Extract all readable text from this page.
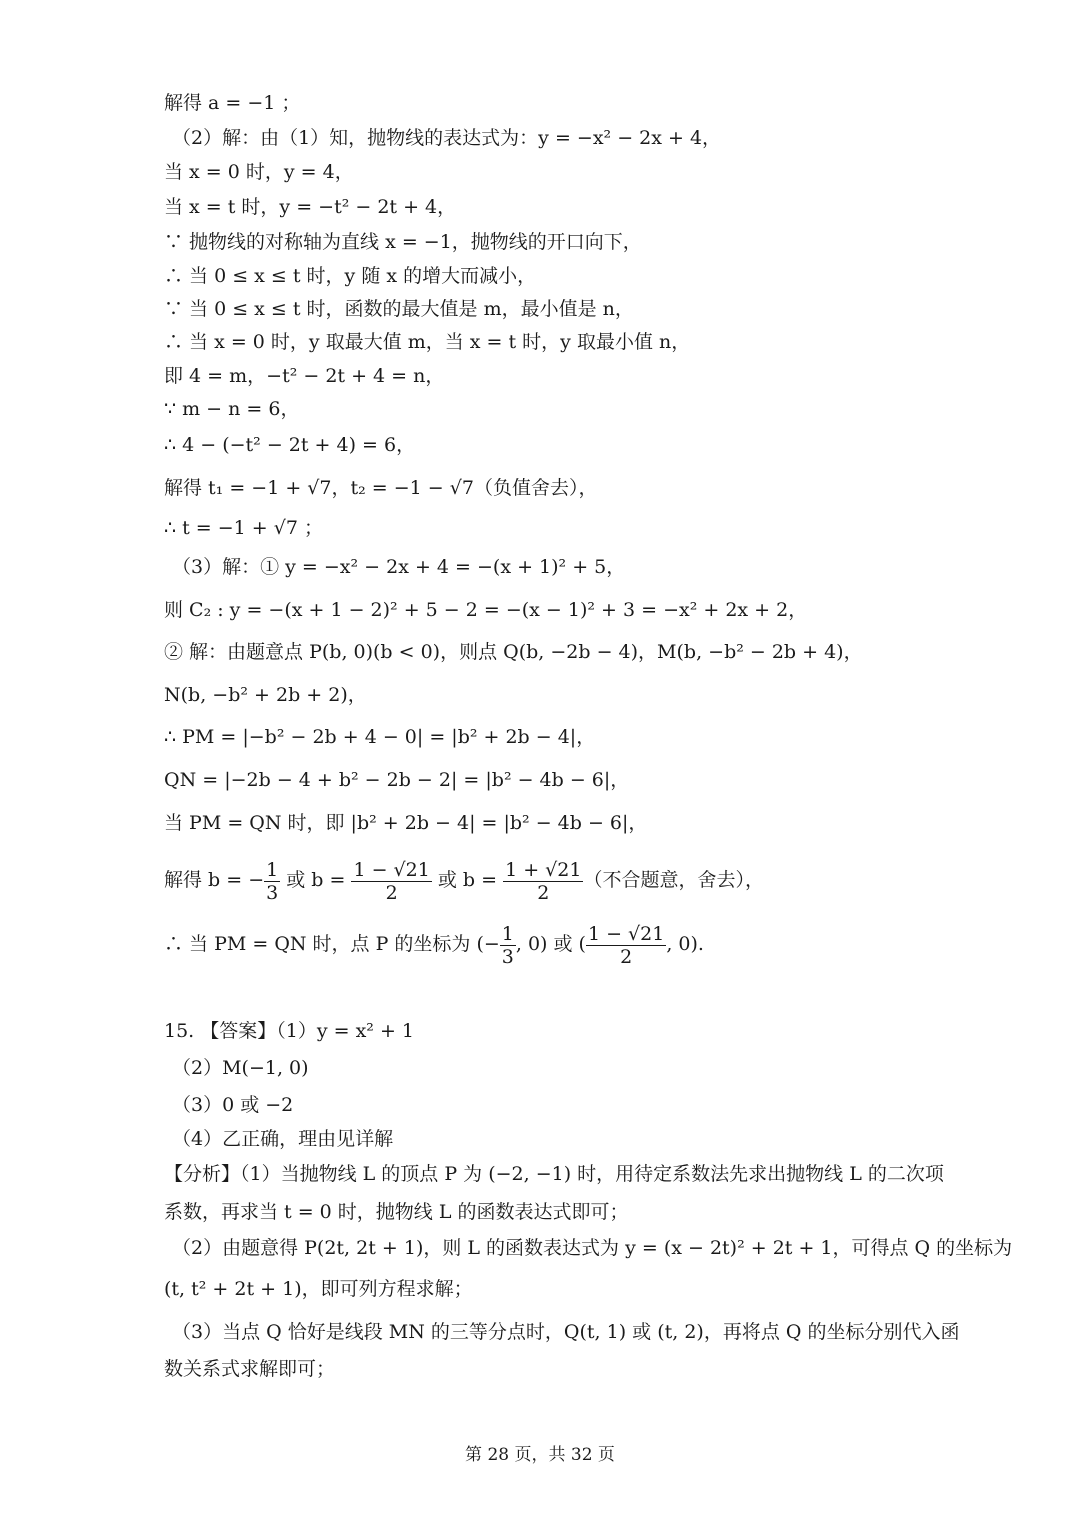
解得 a = −1 ；
（2）解：由（1）知，抛物线的表达式为：y = −x² − 2x + 4，
当 x = 0 时，y = 4，
当 x = t 时，y = −t² − 2t + 4，
∵ 抛物线的对称轴为直线 x = −1，抛物线的开口向下，
∴ 当 0 ≤ x ≤ t 时，y 随 x 的增大而减小，
∵ 当 0 ≤ x ≤ t 时，函数的最大值是 m，最小值是 n，
∴ 当 x = 0 时，y 取最大值 m，当 x = t 时，y 取最小值 n，
即 4 = m，−t² − 2t + 4 = n，
∵ m − n = 6，
∴ 4 − (−t² − 2t + 4) = 6，
解得 t₁ = −1 + √7，t₂ = −1 − √7（负值舍去），
∴ t = −1 + √7 ；
（3）解：① y = −x² − 2x + 4 = −(x + 1)² + 5，
则 C₂ : y = −(x + 1 − 2)² + 5 − 2 = −(x − 1)² + 3 = −x² + 2x + 2，
② 解：由题意点 P(b, 0)(b < 0)，则点 Q(b, −2b − 4)，M(b, −b² − 2b + 4)，
N(b, −b² + 2b + 2)，
∴ PM = |−b² − 2b + 4 − 0| = |b² + 2b − 4|，
QN = |−2b − 4 + b² − 2b − 2| = |b² − 4b − 6|，
当 PM = QN 时，即 |b² + 2b − 4| = |b² − 4b − 6|，
解得 b = − $\frac{1}{3}$ 或 $b = \frac{1 - √21}{2}$ 或 $b = \frac{1 + √21}{2}$ （不合题意，舍去），
∴ 当 PM = QN 时，点 P 的坐标为 (− $\frac{1}{3}$ , 0) 或 ( $\frac{1 - √21}{2}$ , 0).
15. 【答案】（1）y = x² + 1
（2）M(−1, 0)
（3）0 或 −2
（4）乙正确，理由见详解
【分析】（1）当抛物线 L 的顶点 P 为 (−2, −1) 时，用待定系数法先求出抛物线 L 的二次项
系数，再求当 t = 0 时，抛物线 L 的函数表达式即可；
（2）由题意得 P(2t, 2t + 1)，则 L 的函数表达式为 y = (x − 2t)² + 2t + 1，可得点 Q 的坐标为
(t, t² + 2t + 1)，即可列方程求解；
（3）当点 Q 恰好是线段 MN 的三等分点时，Q(t, 1) 或 (t, 2)，再将点 Q 的坐标分别代入函
数关系式求解即可；
第 28 页，共 32 页
